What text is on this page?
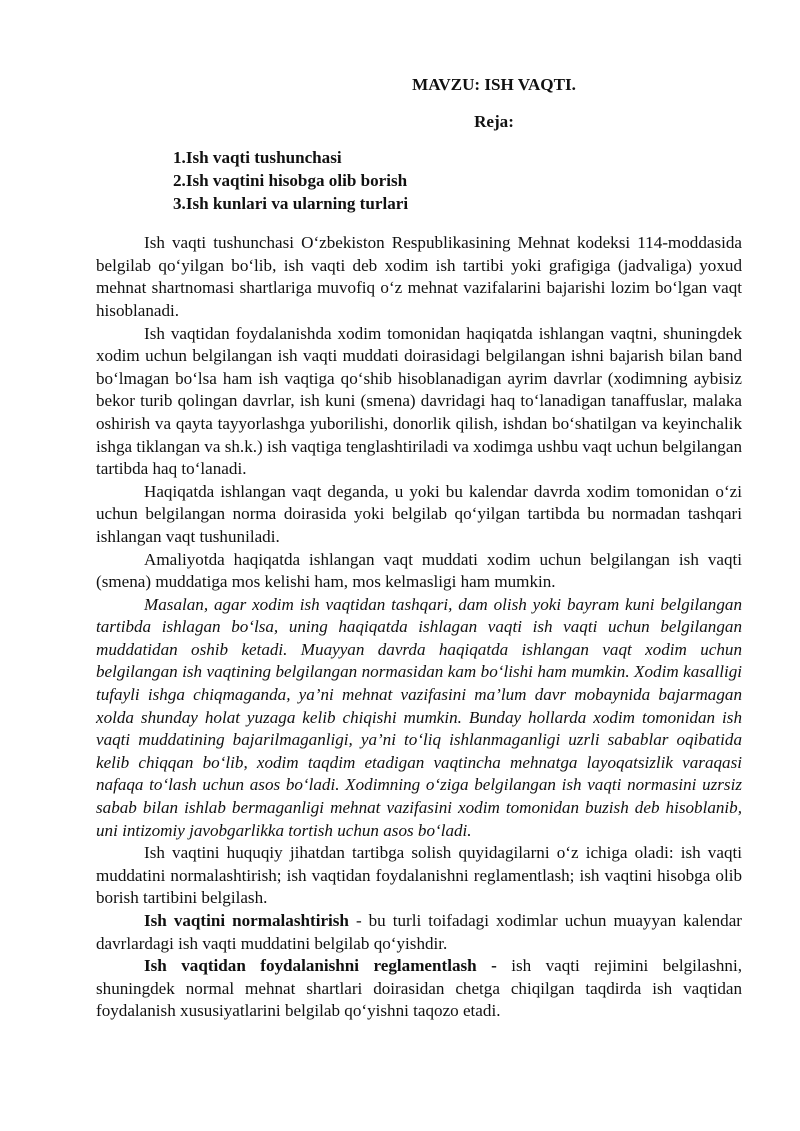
MAVZU: ISH VAQTI.
Reja:
1.Ish vaqti tushunchasi
2.Ish vaqtini hisobga olib borish
3.Ish kunlari va ularning turlari

Ish vaqti tushunchasi O‘zbekiston Respublikasining Mehnat kodeksi 114-moddasida belgilab qo‘yilgan bo‘lib, ish vaqti deb xodim ish tartibi yoki grafigiga (jadvaliga) yoxud mehnat shartnomasi shartlariga muvofiq o‘z mehnat vazifalarini bajarishi lozim bo‘lgan vaqt hisoblanadi.

Ish vaqtidan foydalanishda xodim tomonidan haqiqatda ishlangan vaqtni, shuningdek xodim uchun belgilangan ish vaqti muddati doirasidagi belgilangan ishni bajarish bilan band bo‘lmagan bo‘lsa ham ish vaqtiga qo‘shib hisoblanadigan ayrim davrlar (xodimning aybisiz bekor turib qolingan davrlar, ish kuni (smena) davridagi haq to‘lanadigan tanaffuslar, malaka oshirish va qayta tayyorlashga yuborilishi, donorlik qilish, ishdan bo‘shatilgan va keyinchalik ishga tiklangan va sh.k.) ish vaqtiga tenglashtiriladi va xodimga ushbu vaqt uchun belgilangan tartibda haq to‘lanadi.

Haqiqatda ishlangan vaqt deganda, u yoki bu kalendar davrda xodim tomonidan o‘zi uchun belgilangan norma doirasida yoki belgilab qo‘yilgan tartibda bu normadan tashqari ishlangan vaqt tushuniladi.

Amaliyotda haqiqatda ishlangan vaqt muddati xodim uchun belgilangan ish vaqti (smena) muddatiga mos kelishi ham, mos kelmasligi ham mumkin.

Masalan, agar xodim ish vaqtidan tashqari, dam olish yoki bayram kuni belgilangan tartibda ishlagan bo‘lsa, uning haqiqatda ishlagan vaqti ish vaqti uchun belgilangan muddatidan oshib ketadi. Muayyan davrda haqiqatda ishlangan vaqt xodim uchun belgilangan ish vaqtining belgilangan normasidan kam bo‘lishi ham mumkin. Xodim kasalligi tufayli ishga chiqmaganda, ya’ni mehnat vazifasini ma’lum davr mobaynida bajarmagan xolda shunday holat yuzaga kelib chiqishi mumkin. Bunday hollarda xodim tomonidan ish vaqti muddatining bajarilmaganligi, ya’ni to‘liq ishlanmaganligi uzrli sabablar oqibatida kelib chiqqan bo‘lib, xodim taqdim etadigan vaqtincha mehnatga layoqatsizlik varaqasi nafaqa to‘lash uchun asos bo‘ladi. Xodimning o‘ziga belgilangan ish vaqti normasini uzrsiz sabab bilan ishlab bermaganligi mehnat vazifasini xodim tomonidan buzish deb hisoblanib, uni intizomiy javobgarlikka tortish uchun asos bo‘ladi.

Ish vaqtini huquqiy jihatdan tartibga solish quyidagilarni o‘z ichiga oladi: ish vaqti muddatini normalashtirish; ish vaqtidan foydalanishni reglamentlash; ish vaqtini hisobga olib borish tartibini belgilash.

Ish vaqtini normalashtirish - bu turli toifadagi xodimlar uchun muayyan kalendar davrlardagi ish vaqti muddatini belgilab qo‘yishdir.

Ish vaqtidan foydalanishni reglamentlash - ish vaqti rejimini belgilashni, shuningdek normal mehnat shartlari doirasidan chetga chiqilgan taqdirda ish vaqtidan foydalanish xususiyatlarini belgilab qo‘yishni taqozo etadi.
